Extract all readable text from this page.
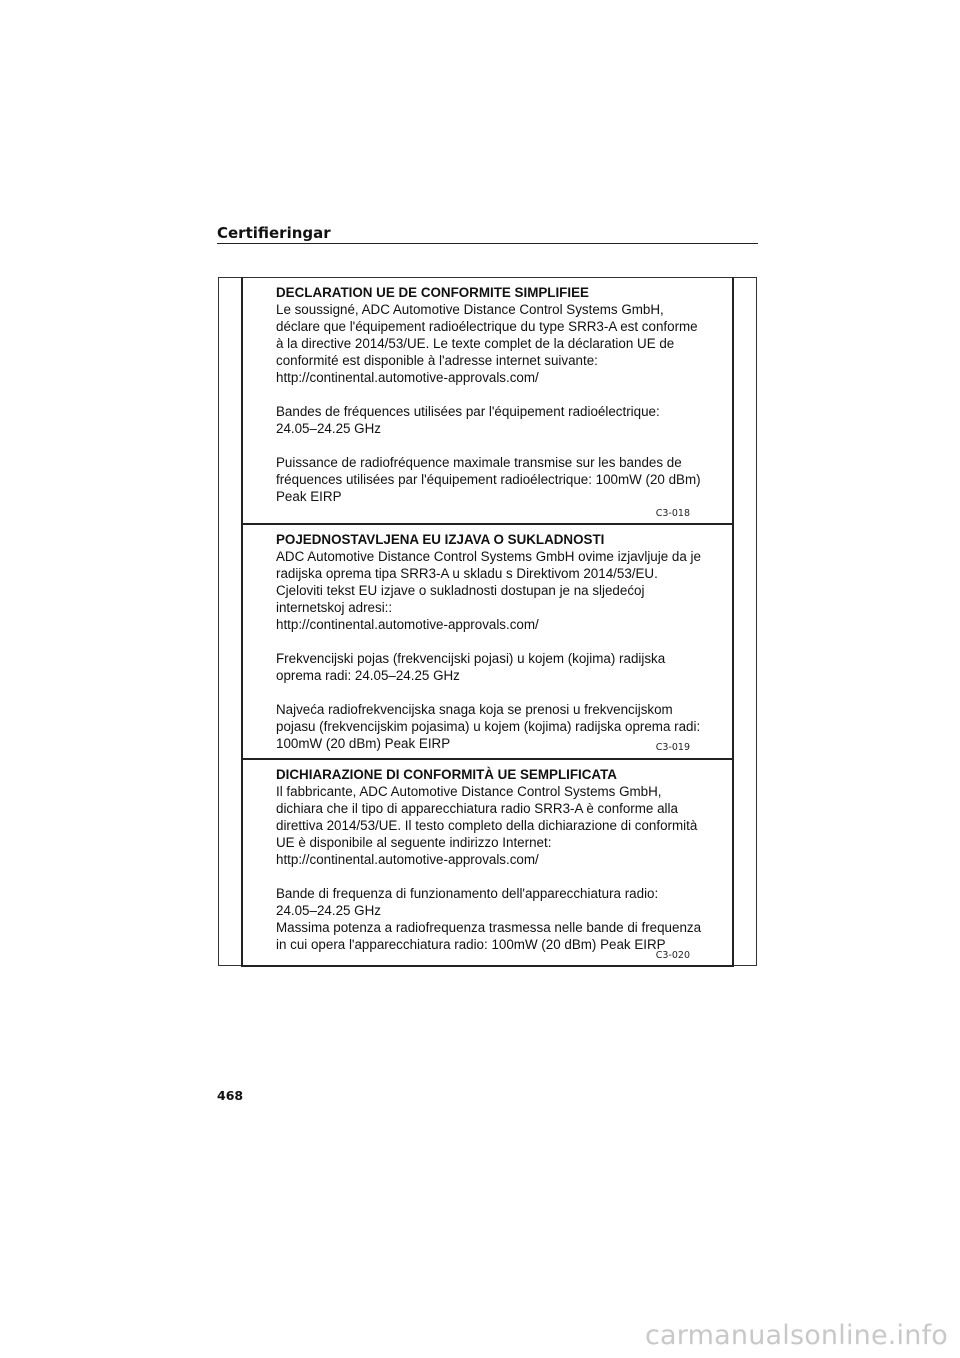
Certifieringar
DECLARATION UE DE CONFORMITE SIMPLIFIEE
Le soussigné, ADC Automotive Distance Control Systems GmbH,
déclare que l'équipement radioélectrique du type SRR3-A est conforme
à la directive 2014/53/UE. Le texte complet de la déclaration UE de
conformité est disponible à l'adresse internet suivante:
http://continental.automotive-approvals.com/
Bandes de fréquences utilisées par l'équipement radioélectrique:
24.05–24.25 GHz
Puissance de radiofréquence maximale transmise sur les bandes de
fréquences utilisées par l'équipement radioélectrique: 100mW (20 dBm)
Peak EIRP
C3-018
POJEDNOSTAVLJENA EU IZJAVA O SUKLADNOSTI
ADC Automotive Distance Control Systems GmbH ovime izjavljuje da je
radijska oprema tipa SRR3-A u skladu s Direktivom 2014/53/EU.
Cjeloviti tekst EU izjave o sukladnosti dostupan je na sljedećoj
internetskoj adresi::
http://continental.automotive-approvals.com/
Frekvencijski pojas (frekvencijski pojasi) u kojem (kojima) radijska
oprema radi: 24.05–24.25 GHz
Najveća radiofrekvencijska snaga koja se prenosi u frekvencijskom
pojasu (frekvencijskim pojasima) u kojem (kojima) radijska oprema radi:
100mW (20 dBm) Peak EIRP	C3-019
DICHIARAZIONE DI CONFORMITÀ UE SEMPLIFICATA
Il fabbricante, ADC Automotive Distance Control Systems GmbH,
dichiara che il tipo di apparecchiatura radio SRR3-A è conforme alla
direttiva 2014/53/UE. Il testo completo della dichiarazione di conformità
UE è disponibile al seguente indirizzo Internet:
http://continental.automotive-approvals.com/
Bande di frequenza di funzionamento dell'apparecchiatura radio:
24.05–24.25 GHz
Massima potenza a radiofrequenza trasmessa nelle bande di frequenza
in cui opera l'apparecchiatura radio: 100mW (20 dBm) Peak EIRP
C3-020
468
carmanualsonline.info
